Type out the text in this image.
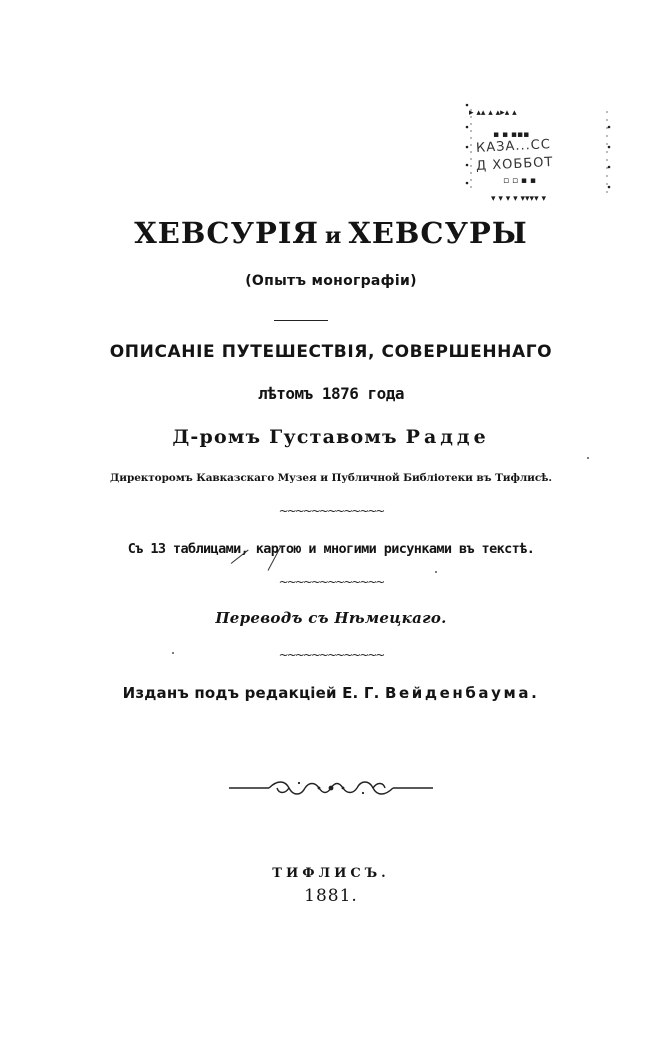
▸ ▴▴ ▴ ▴▸▴ ▴
▾ ▾ ▾ ▾ ▾▾▾▾ ▾
▪ ▪ ▪▪▪
▫ ▫ ▪ ▪
КАЗА...СС
Д ХОББОТ
ХЕВСУРІЯ и ХЕВСУРЫ
(Опытъ монографіи)
ОПИСАНІЕ ПУТЕШЕСТВІЯ, СОВЕРШЕННАГО
лѣтомъ 1876 года
Д-ромъ Густавомъ Радде
Директоромъ Кавказскаго Музея и Публичной Библіотеки въ Тифлисѣ.
~~~~~~~~~~~~~
Съ 13 таблицами, картою и многими рисунками въ текстѣ.
~~~~~~~~~~~~~
Переводъ съ Нѣмецкаго.
~~~~~~~~~~~~~
Изданъ подъ редакціей Е. Г. Вейденбаума.
ТИФЛИСЪ.
1881.
